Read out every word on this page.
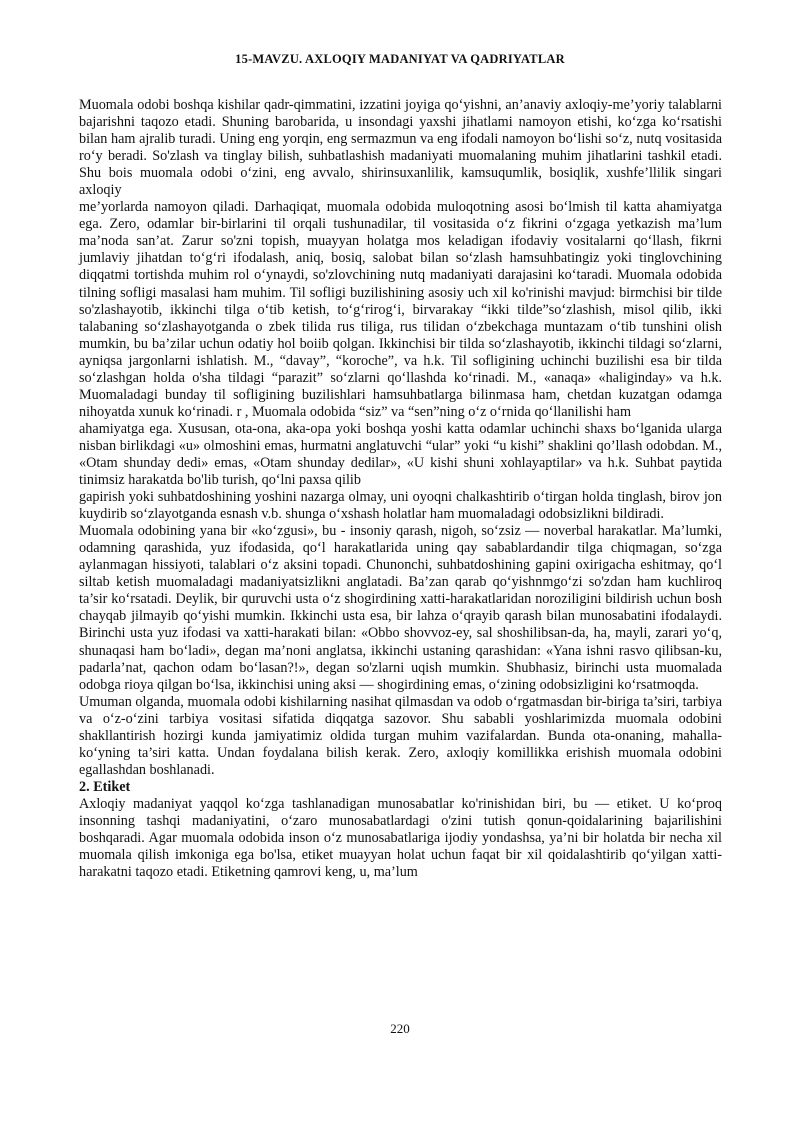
15-MAVZU. AXLOQIY MADANIYAT VA QADRIYATLAR

Muomala odobi boshqa kishilar qadr-qimmatini, izzatini joyiga qo‘yishni, an’anaviy axloqiy-me’yoriy talablarni bajarishni taqozo etadi. Shuning barobarida, u insondagi yaxshi jihatlami namoyon etishi, ko‘zga ko‘rsatishi bilan ham ajralib turadi. Uning eng yorqin, eng sermazmun va eng ifodali namoyon bo‘lishi so‘z, nutq vositasida ro‘y beradi. So'zlash va tinglay bilish, suhbatlashish madaniyati muomalaning muhim jihatlarini tashkil etadi. Shu bois muomala odobi o‘zini, eng avvalo, shirinsuxanlilik, kamsuqumlik, bosiqlik, xushfe’llilik singari axloqiy

me’yorlarda namoyon qiladi. Darhaqiqat, muomala odobida muloqotning asosi bo‘lmish til katta ahamiyatga ega. Zero, odamlar bir-birlarini til orqali tushunadilar, til vositasida o‘z fikrini o‘zgaga yetkazish ma’lum ma’noda san’at. Zarur so'zni topish, muayyan holatga mos keladigan ifodaviy vositalarni qo‘llash, fikrni jumlaviy jihatdan to‘g‘ri ifodalash, aniq, bosiq, salobat bilan so‘zlash hamsuhbatingiz yoki tinglovchining diqqatmi tortishda muhim rol o‘ynaydi, so'zlovchining nutq madaniyati darajasini ko‘taradi. Muomala odobida tilning sofligi masalasi ham muhim. Til sofligi buzilishining asosiy uch xil ko'rinishi mavjud: birmchisi bir tilde so'zlashayotib, ikkinchi tilga o‘tib ketish, to‘g‘rirog‘i, birvarakay “ikki tilde”so‘zlashish, misol qilib, ikki talabaning so‘zlashayotganda o zbek tilida rus tiliga, rus tilidan o‘zbekchaga muntazam o‘tib tunshini olish mumkin, bu ba’zilar uchun odatiy hol boiib qolgan. Ikkinchisi bir tilda so‘zlashayotib, ikkinchi tildagi so‘zlarni, ayniqsa jargonlarni ishlatish. M., “davay”, “koroche”, va h.k. Til sofligining uchinchi buzilishi esa bir tilda so‘zlashgan holda o'sha tildagi “parazit” so‘zlarni qo‘llashda ko‘rinadi. M., «anaqa» «haliginday» va h.k. Muomaladagi bunday til sofligining buzilishlari hamsuhbatlarga bilinmasa ham, chetdan kuzatgan odamga nihoyatda xunuk ko‘rinadi. r , Muomala odobida “siz” va “sen”ning o‘z o‘rnida qo‘llanilishi ham

ahamiyatga ega. Xususan, ota-ona, aka-opa yoki boshqa yoshi katta odamlar uchinchi shaxs bo‘lganida ularga nisban birlikdagi «u» olmoshini emas, hurmatni anglatuvchi “ular” yoki “u kishi” shaklini qo’llash odobdan. M., «Otam shunday dedi» emas, «Otam shunday dedilar», «U kishi shuni xohlayaptilar» va h.k. Suhbat paytida tinimsiz harakatda bo'lib turish, qo‘lni paxsa qilib

gapirish yoki suhbatdoshining yoshini nazarga olmay, uni oyoqni chalkashtirib o‘tirgan holda tinglash, birov jon kuydirib so‘zlayotganda esnash v.b. shunga o‘xshash holatlar ham muomaladagi odobsizlikni bildiradi.

Muomala odobining yana bir «ko‘zgusi», bu - insoniy qarash, nigoh, so‘zsiz — noverbal harakatlar. Ma’lumki, odamning qarashida, yuz ifodasida, qo‘l harakatlarida uning qay sabablardandir tilga chiqmagan, so‘zga aylanmagan hissiyoti, talablari o‘z aksini topadi. Chunonchi, suhbatdoshining gapini oxirigacha eshitmay, qo‘l siltab ketish muomaladagi madaniyatsizlikni anglatadi. Ba’zan qarab qo‘yishnmgo‘zi so'zdan ham kuchliroq ta’sir ko‘rsatadi. Deylik, bir quruvchi usta o‘z shogirdining xatti-harakatlaridan noroziligini bildirish uchun bosh chayqab jilmayib qo‘yishi mumkin. Ikkinchi usta esa, bir lahza o‘qrayib qarash bilan munosabatini ifodalaydi. Birinchi usta yuz ifodasi va xatti-harakati bilan: «Obbo shovvoz-ey, sal shoshilibsan-da, ha, mayli, zarari yo‘q, shunaqasi ham bo‘ladi», degan ma’noni anglatsa, ikkinchi ustaning qarashidan: «Yana ishni rasvo qilibsan-ku, padarla’nat, qachon odam bo‘lasan?!», degan so'zlarni uqish mumkin. Shubhasiz, birinchi usta muomalada odobga rioya qilgan bo‘lsa, ikkinchisi uning aksi — shogirdining emas, o‘zining odobsizligini ko‘rsatmoqda.

Umuman olganda, muomala odobi kishilarning nasihat qilmasdan va odob o‘rgatmasdan bir-biriga ta’siri, tarbiya va o‘z-o‘zini tarbiya vositasi sifatida diqqatga sazovor. Shu sababli yoshlarimizda muomala odobini shakllantirish hozirgi kunda jamiyatimiz oldida turgan muhim vazifalardan. Bunda ota-onaning, mahalla-ko‘yning ta’siri katta. Undan foydalana bilish kerak. Zero, axloqiy komillikka erishish muomala odobini egallashdan boshlanadi.

2. Etiket

Axloqiy madaniyat yaqqol ko‘zga tashlanadigan munosabatlar ko'rinishidan biri, bu — etiket. U ko‘proq insonning tashqi madaniyatini, o‘zaro munosabatlardagi o'zini tutish qonun-qoidalarining bajarilishini boshqaradi. Agar muomala odobida inson o‘z munosabatlariga ijodiy yondashsa, ya’ni bir holatda bir necha xil muomala qilish imkoniga ega bo'lsa, etiket muayyan holat uchun faqat bir xil qoidalashtirib qo‘yilgan xatti-harakatni taqozo etadi. Etiketning qamrovi keng, u, ma’lum

220
